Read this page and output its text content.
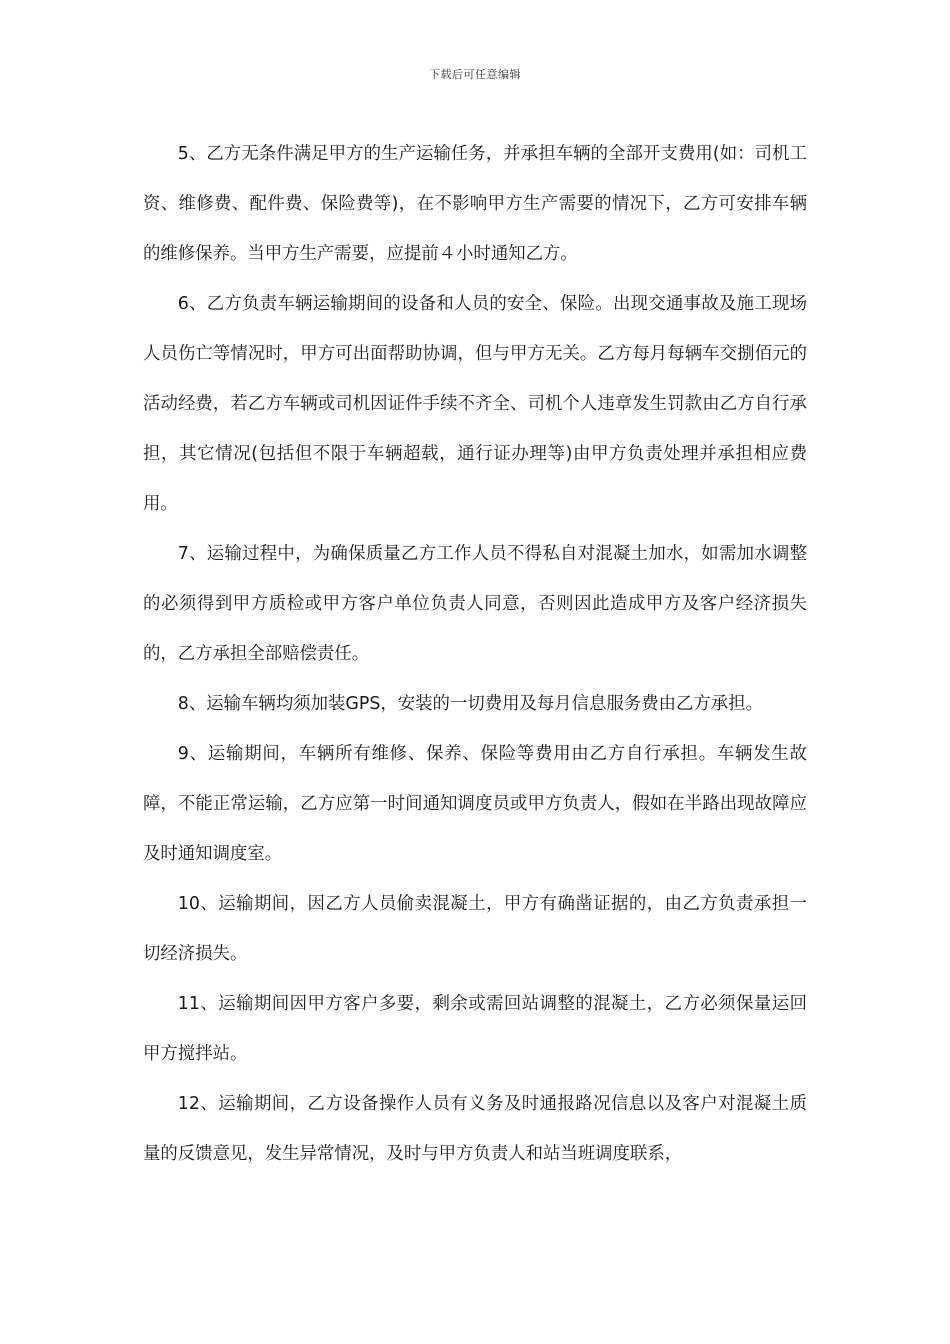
下载后可任意编辑

5、乙方无条件满足甲方的生产运输任务，并承担车辆的全部开支费用(如：司机工资、维修费、配件费、保险费等)，在不影响甲方生产需要的情况下，乙方可安排车辆的维修保养。当甲方生产需要，应提前４小时通知乙方。

6、乙方负责车辆运输期间的设备和人员的安全、保险。出现交通事故及施工现场人员伤亡等情况时，甲方可出面帮助协调，但与甲方无关。乙方每月每辆车交捌佰元的活动经费，若乙方车辆或司机因证件手续不齐全、司机个人违章发生罚款由乙方自行承担，其它情况(包括但不限于车辆超载，通行证办理等)由甲方负责处理并承担相应费用。

7、运输过程中，为确保质量乙方工作人员不得私自对混凝土加水，如需加水调整的必须得到甲方质检或甲方客户单位负责人同意，否则因此造成甲方及客户经济损失的，乙方承担全部赔偿责任。

8、运输车辆均须加装GPS，安装的一切费用及每月信息服务费由乙方承担。

9、运输期间，车辆所有维修、保养、保险等费用由乙方自行承担。车辆发生故障，不能正常运输，乙方应第一时间通知调度员或甲方负责人，假如在半路出现故障应及时通知调度室。

10、运输期间，因乙方人员偷卖混凝土，甲方有确凿证据的，由乙方负责承担一切经济损失。

11、运输期间因甲方客户多要，剩余或需回站调整的混凝土，乙方必须保量运回甲方搅拌站。

12、运输期间，乙方设备操作人员有义务及时通报路况信息以及客户对混凝土质量的反馈意见，发生异常情况，及时与甲方负责人和站当班调度联系，
